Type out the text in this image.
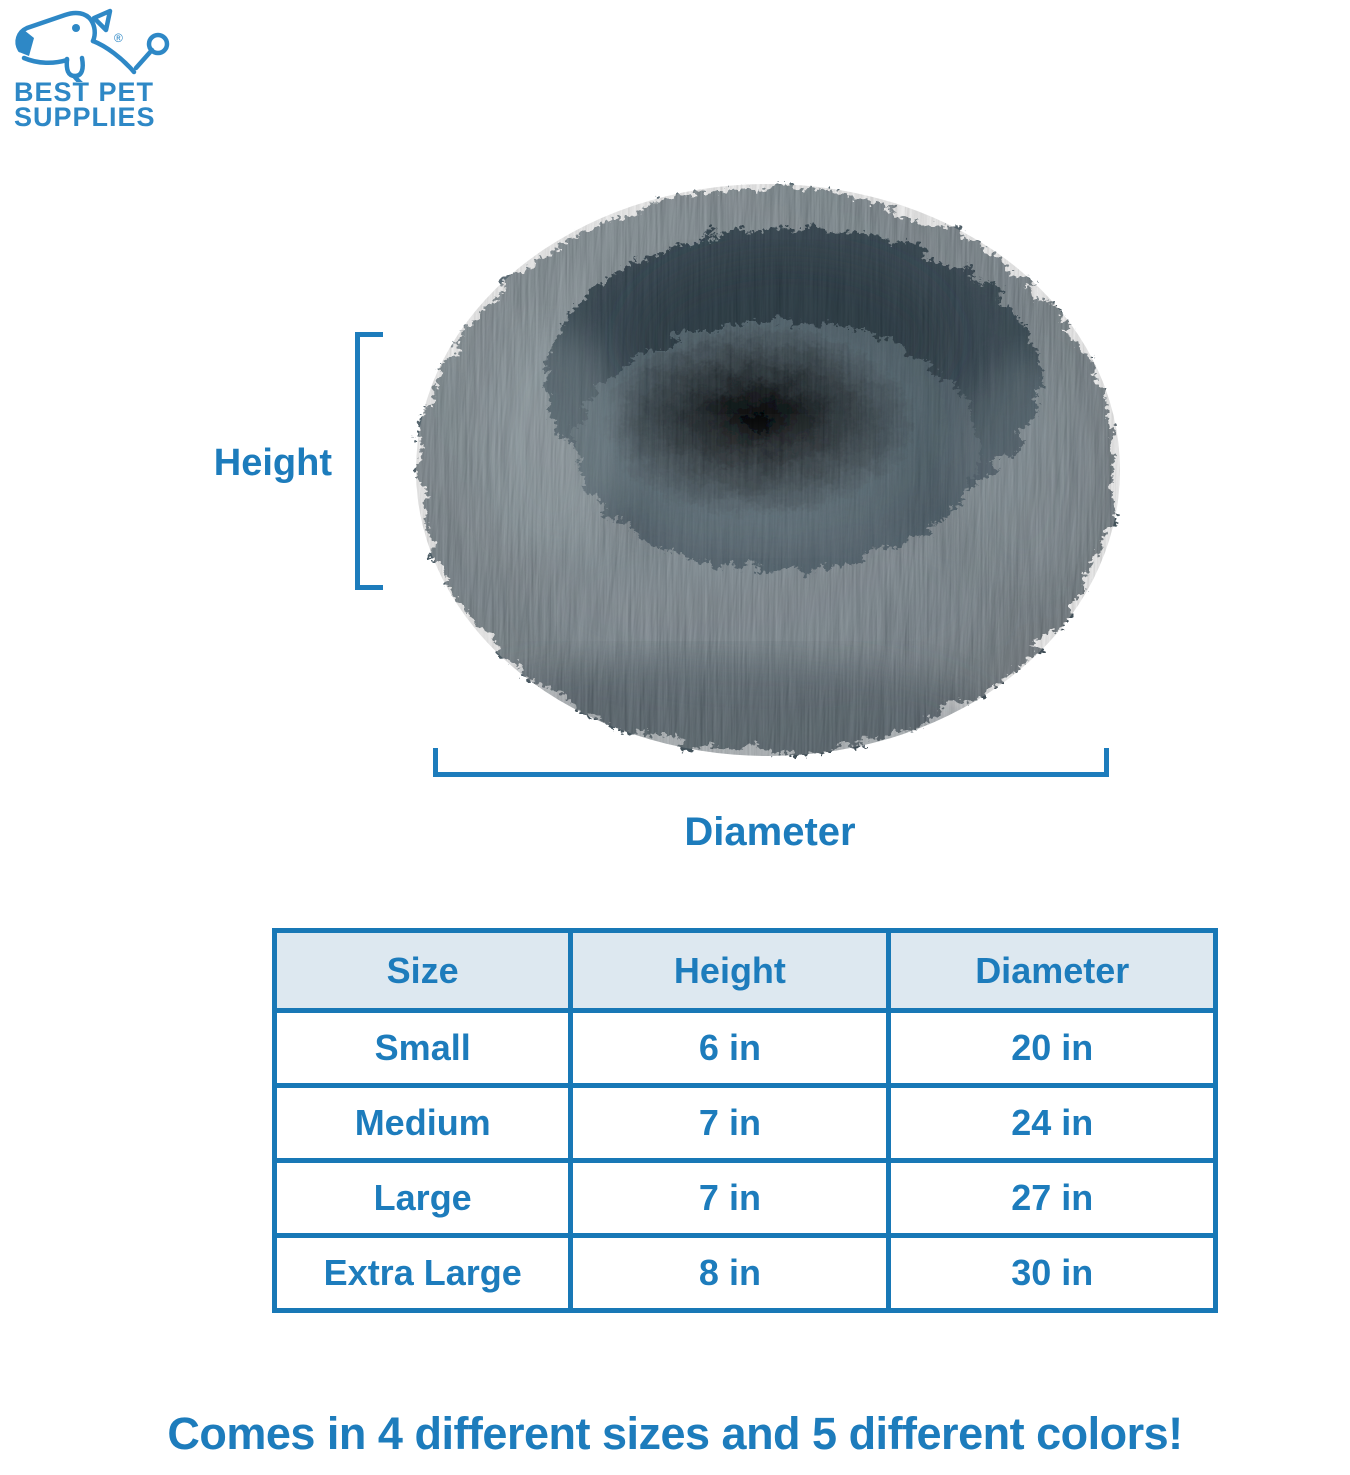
®
BEST PET
SUPPLIES
Height
Diameter
Size	Height	Diameter
Small	6 in	20 in
Medium	7 in	24 in
Large	7 in	27 in
Extra Large	8 in	30 in
Comes in 4 different sizes and 5 different colors!
